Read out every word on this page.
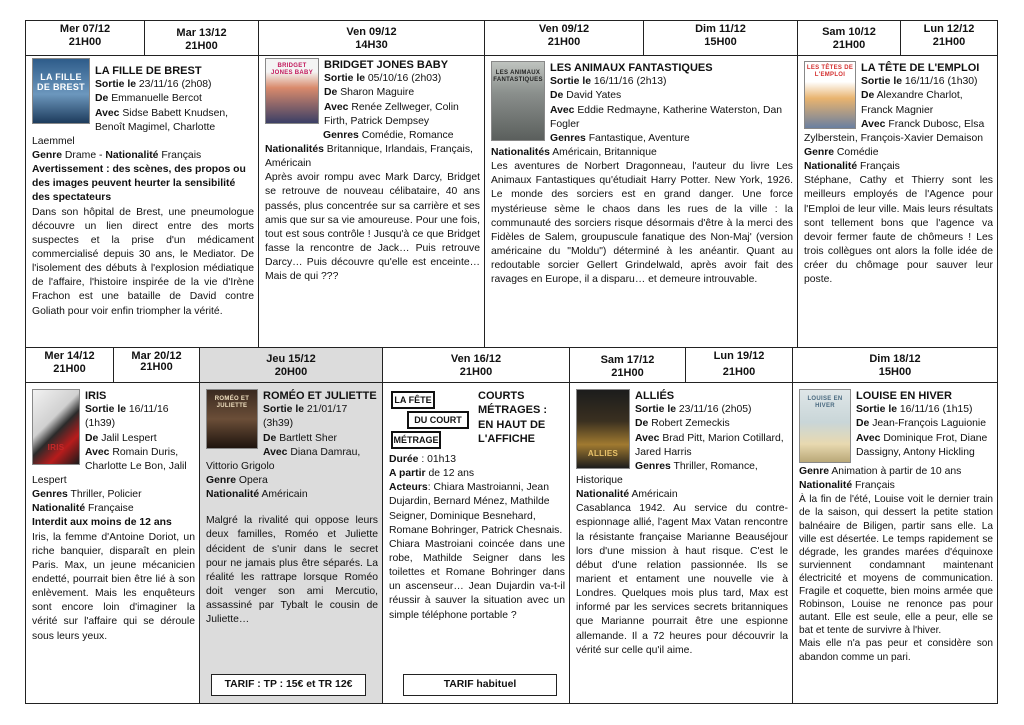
Mer 07/12
21H00
Mar 13/12
21H00
Ven 09/12
14H30
Ven 09/12
21H00
Dim 11/12
15H00
Sam 10/12
21H00
Lun 12/12
21H00
LA FILLE DE BREST

LA FILLE DE BREST

Sortie le 23/11/16 (2h08)

De Emmanuelle Bercot

Avec Sidse Babett Knudsen,

Benoît Magimel, Charlotte

Laemmel

Genre Drame - Nationalité Français

Avertissement : des scènes, des propos ou des images peuvent heurter la sensibilité des spectateurs

Dans son hôpital de Brest, une pneumologue découvre un lien direct entre des morts suspectes et la prise d'un médicament commercialisé depuis 30 ans, le Mediator. De l'isolement des débuts à l'explosion médiatique de l'affaire, l'histoire inspirée de la vie d'Irène Frachon est une bataille de David contre Goliath pour voir enfin triompher la vérité.

BRIDGET JONES BABY

BRIDGET JONES BABY

Sortie le 05/10/16 (2h03)

De Sharon Maguire

Avec Renée Zellweger, Colin Firth, Patrick Dempsey

Genres Comédie, Romance

Nationalités Britannique, Irlandais, Français, Américain

Après avoir rompu avec Mark Darcy, Bridget se retrouve de nouveau célibataire, 40 ans passés, plus concentrée sur sa carrière et ses amis que sur sa vie amoureuse. Pour une fois, tout est sous contrôle ! Jusqu'à ce que Bridget fasse la rencontre de Jack… Puis retrouve Darcy… Puis découvre qu'elle est enceinte… Mais de qui ???

LES ANIMAUX FANTASTIQUES

LES ANIMAUX FANTASTIQUES

Sortie le 16/11/16 (2h13)

De David Yates

Avec Eddie Redmayne, Katherine Waterston, Dan Fogler

Genres Fantastique, Aventure

Nationalités Américain, Britannique

Les aventures de Norbert Dragonneau, l'auteur du livre Les Animaux Fantastiques qu'étudiait Harry Potter. New York, 1926. Le monde des sorciers est en grand danger. Une force mystérieuse sème le chaos dans les rues de la ville : la communauté des sorciers risque désormais d'être à la merci des Fidèles de Salem, groupuscule fanatique des Non-Maj' (version américaine du "Moldu") déterminé à les anéantir. Quant au redoutable sorcier Gellert Grindelwald, après avoir fait des ravages en Europe, il a disparu… et demeure introuvable.

LES TÊTES DE L'EMPLOI

LA TÊTE DE L'EMPLOI

Sortie le 16/11/16 (1h30)

De Alexandre Charlot, Franck Magnier

Avec Franck Dubosc, Elsa Zylberstein, François-Xavier Demaison

Genre Comédie

Nationalité Français

Stéphane, Cathy et Thierry sont les meilleurs employés de l'Agence pour l'Emploi de leur ville. Mais leurs résultats sont tellement bons que l'agence va devoir fermer faute de chômeurs ! Les trois collègues ont alors la folle idée de créer du chômage pour sauver leur poste.

Mer 14/12
21H00
Mar 20/12
21H00
Jeu 15/12
20H00
Ven 16/12
21H00
Sam 17/12
21H00
Lun 19/12
21H00
Dim 18/12
15H00
IRIS

IRIS

Sortie le 16/11/16

(1h39)

De Jalil Lespert

Avec Romain Duris, Charlotte Le Bon, Jalil Lespert

Genres Thriller, Policier

Nationalité Française

Interdit aux moins de 12 ans

Iris, la femme d'Antoine Doriot, un riche banquier, disparaît en plein Paris. Max, un jeune mécanicien endetté, pourrait bien être lié à son enlèvement. Mais les enquêteurs sont encore loin d'imaginer la vérité sur l'affaire qui se déroule sous leurs yeux.

ROMÉO ET JULIETTE

ROMÉO ET JULIETTE

Sortie le 21/01/17

(3h39)

De Bartlett Sher

Avec Diana Damrau, Vittorio Grigolo

Genre Opera

Nationalité Américain

Malgré la rivalité qui oppose leurs deux familles, Roméo et Juliette décident de s'unir dans le secret pour ne jamais plus être séparés. La réalité les rattrape lorsque Roméo doit venger son ami Mercutio, assassiné par Tybalt le cousin de Juliette…

TARIF : TP : 15€ et TR 12€
LA FÊTE
DU COURT
MÉTRAGE

COURTS MÉTRAGES : EN HAUT DE L'AFFICHE

Durée : 01h13

A partir de 12 ans

Acteurs: Chiara Mastroianni, Jean Dujardin, Bernard Ménez, Mathilde Seigner, Dominique Besnehard, Romane Bohringer, Patrick Chesnais.

Chiara Mastroiani coincée dans une robe, Mathilde Seigner dans les toilettes et Romane Bohringer dans un ascenseur… Jean Dujardin va-t-il réussir à sauver la situation avec un simple téléphone portable ?

TARIF habituel
ALLIES

ALLIÉS

Sortie le 23/11/16 (2h05)

De Robert Zemeckis

Avec Brad Pitt, Marion Cotillard, Jared Harris

Genres Thriller, Romance, Historique

Nationalité Américain

Casablanca 1942. Au service du contre-espionnage allié, l'agent Max Vatan rencontre la résistante française Marianne Beauséjour lors d'une mission à haut risque. C'est le début d'une relation passionnée. Ils se marient et entament une nouvelle vie à Londres. Quelques mois plus tard, Max est informé par les services secrets britanniques que Marianne pourrait être une espionne allemande. Il a 72 heures pour découvrir la vérité sur celle qu'il aime.

LOUISE EN HIVER

LOUISE EN HIVER

Sortie le 16/11/16 (1h15)

De Jean-François Laguionie

Avec Dominique Frot, Diane Dassigny, Antony Hickling

Genre Animation à partir de 10 ans

Nationalité Français

À la fin de l'été, Louise voit le dernier train de la saison, qui dessert la petite station balnéaire de Biligen, partir sans elle. La ville est désertée. Le temps rapidement se dégrade, les grandes marées d'équinoxe surviennent condamnant maintenant électricité et moyens de communication. Fragile et coquette, bien moins armée que Robinson, Louise ne renonce pas pour autant. Elle est seule, elle a peur, elle se bat et tente de survivre à l'hiver.

Mais elle n'a pas peur et considère son abandon comme un pari.
